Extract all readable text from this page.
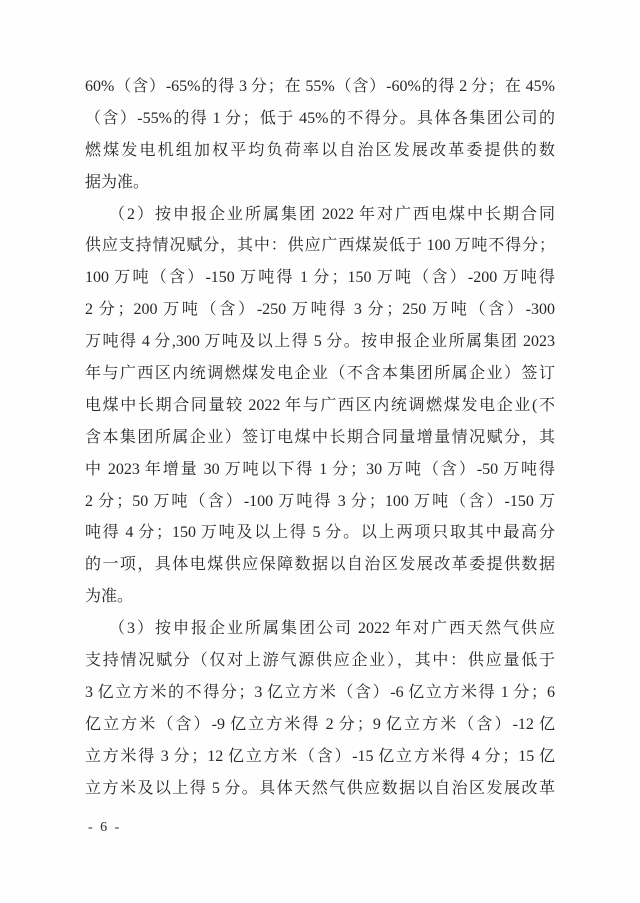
60%（含）-65%的得 3 分；在 55%（含）-60%的得 2 分；在 45%
（含）-55%的得 1 分；低于 45%的不得分。具体各集团公司的
燃煤发电机组加权平均负荷率以自治区发展改革委提供的数
据为准。
（2）按申报企业所属集团 2022 年对广西电煤中长期合同
供应支持情况赋分，其中：供应广西煤炭低于 100 万吨不得分；
100 万吨（含）-150 万吨得 1 分；150 万吨（含）-200 万吨得
2 分；200 万吨（含）-250 万吨得 3 分；250 万吨（含）-300
万吨得 4 分,300 万吨及以上得 5 分。按申报企业所属集团 2023
年与广西区内统调燃煤发电企业（不含本集团所属企业）签订
电煤中长期合同量较 2022 年与广西区内统调燃煤发电企业(不
含本集团所属企业）签订电煤中长期合同量增量情况赋分，其
中 2023 年增量 30 万吨以下得 1 分；30 万吨（含）-50 万吨得
2 分；50 万吨（含）-100 万吨得 3 分；100 万吨（含）-150 万
吨得 4 分；150 万吨及以上得 5 分。以上两项只取其中最高分
的一项，具体电煤供应保障数据以自治区发展改革委提供数据
为准。
（3）按申报企业所属集团公司 2022 年对广西天然气供应
支持情况赋分（仅对上游气源供应企业），其中：供应量低于
3 亿立方米的不得分；3 亿立方米（含）-6 亿立方米得 1 分；6
亿立方米（含）-9 亿立方米得 2 分；9 亿立方米（含）-12 亿
立方米得 3 分；12 亿立方米（含）-15 亿立方米得 4 分；15 亿
立方米及以上得 5 分。具体天然气供应数据以自治区发展改革
- 6 -
